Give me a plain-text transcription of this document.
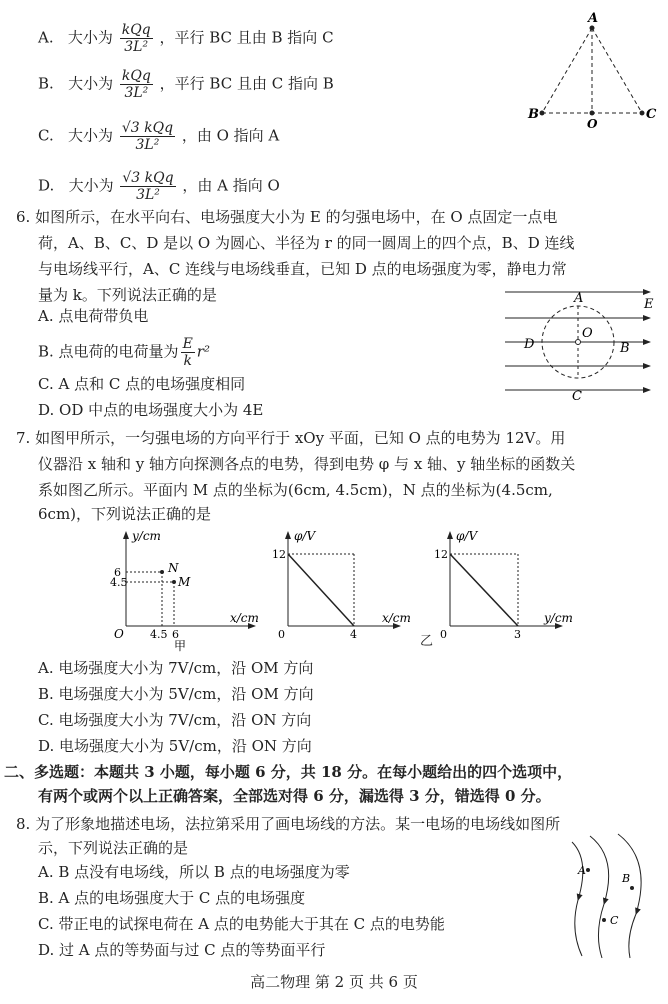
A. 大小为 $\frac{\text{kQq}}{\text{3L²}}$ ，平行 BC 且由 B 指向 C
B. 大小为 $\frac{\text{kQq}}{\text{3L²}}$ ，平行 BC 且由 C 指向 B
C. 大小为 $\frac{\text{√3 kQq}}{\text{3L²}}$ ，由 O 指向 A
D. 大小为 $\frac{\text{√3 kQq}}{\text{3L²}}$ ，由 A 指向 O
A
B	C
O
6. 如图所示，在水平向右、电场强度大小为 E 的匀强电场中，在 O 点固定一点电
荷，A、B、C、D 是以 O 为圆心、半径为 r 的同一圆周上的四个点，B、D 连线
与电场线平行，A、C 连线与电场线垂直，已知 D 点的电场强度为零，静电力常
量为 k。下列说法正确的是
A. 点电荷带负电
B. 点电荷的电荷量为 $\frac{E}{k} r^2$
C. A 点和 C 点的电场强度相同
D. OD 中点的电场强度大小为 4E
A
O
D	B
C
E
7. 如图甲所示，一匀强电场的方向平行于 xOy 平面，已知 O 点的电势为 12V。用
仪器沿 x 轴和 y 轴方向探测各点的电势，得到电势 φ 与 x 轴、y 轴坐标的函数关
系如图乙所示。平面内 M 点的坐标为(6cm, 4.5cm)，N 点的坐标为(4.5cm,
6cm)，下列说法正确的是
y/cm
x/cm
O
6
4.5
4.5 6
N
M
甲
φ/V
x/cm
0
12
4
φ/V
y/cm
0
12
3
乙
A. 电场强度大小为 7V/cm，沿 OM 方向
B. 电场强度大小为 5V/cm，沿 OM 方向
C. 电场强度大小为 7V/cm，沿 ON 方向
D. 电场强度大小为 5V/cm，沿 ON 方向
二、多选题：本题共 3 小题，每小题 6 分，共 18 分。在每小题给出的四个选项中，
有两个或两个以上正确答案，全部选对得 6 分，漏选得 3 分，错选得 0 分。
8. 为了形象地描述电场，法拉第采用了画电场线的方法。某一电场的电场线如图所
示，下列说法正确的是
A. B 点没有电场线，所以 B 点的电场强度为零
B. A 点的电场强度大于 C 点的电场强度
C. 带正电的试探电荷在 A 点的电势能大于其在 C 点的电势能
D. 过 A 点的等势面与过 C 点的等势面平行
A
B
C
高二物理 第 2 页 共 6 页
